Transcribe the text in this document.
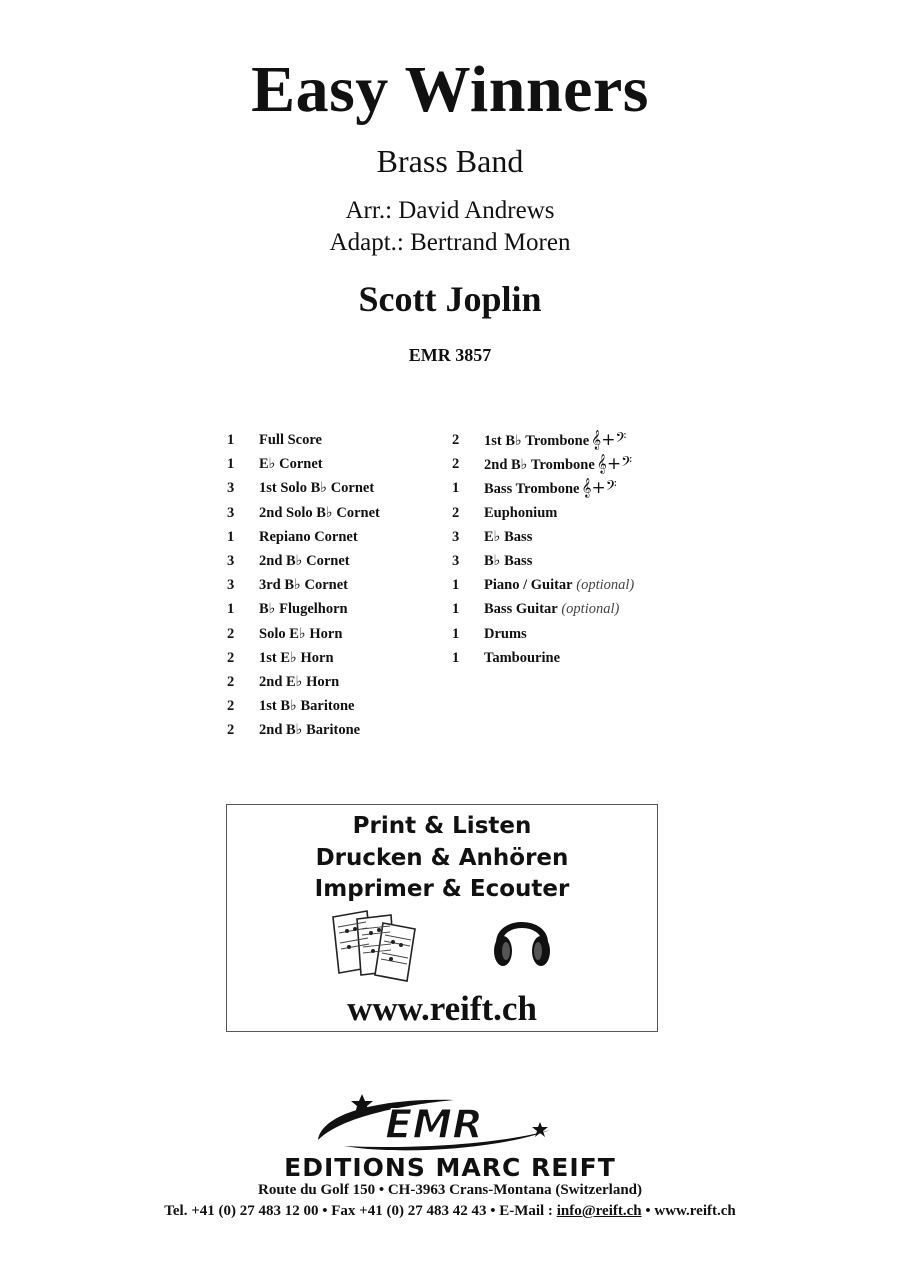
Easy Winners
Brass Band
Arr.: David Andrews
Adapt.: Bertrand Moren
Scott Joplin
EMR 3857
1	Full Score
1	E♭ Cornet
3	1st Solo B♭ Cornet
3	2nd Solo B♭ Cornet
1	Repiano Cornet
3	2nd B♭ Cornet
3	3rd B♭ Cornet
1	B♭ Flugelhorn
2	Solo E♭ Horn
2	1st E♭ Horn
2	2nd E♭ Horn
2	1st B♭ Baritone
2	2nd B♭ Baritone
2	1st B♭ Trombone 𝄞+𝄢
2	2nd B♭ Trombone 𝄞+𝄢
1	Bass Trombone 𝄞+𝄢
2	Euphonium
3	E♭ Bass
3	B♭ Bass
1	Piano / Guitar (optional)
1	Bass Guitar (optional)
1	Drums
1	Tambourine
Print & Listen
Drucken & Anhören
Imprimer & Ecouter
www.reift.ch
EMR
EDITIONS MARC REIFT
Route du Golf 150 • CH-3963 Crans-Montana (Switzerland)
Tel. +41 (0) 27 483 12 00 • Fax +41 (0) 27 483 42 43 • E-Mail : info@reift.ch • www.reift.ch
